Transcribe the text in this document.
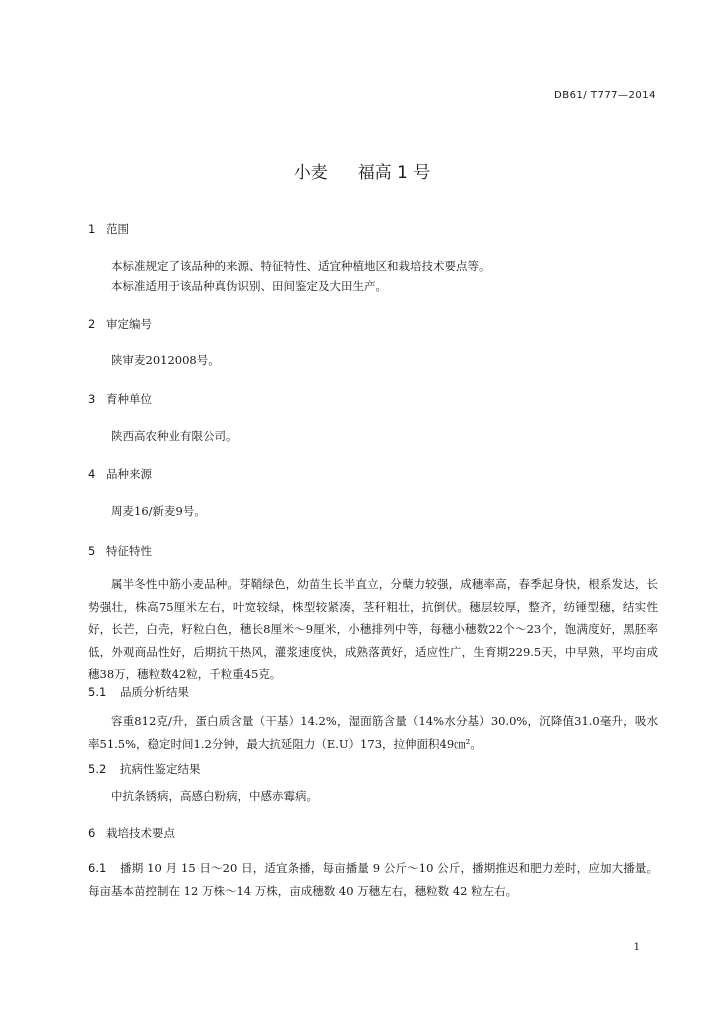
DB61/ T777—2014
小麦 福高 1 号
1 范围
本标准规定了该品种的来源、特征特性、适宜种植地区和栽培技术要点等。
本标准适用于该品种真伪识别、田间鉴定及大田生产。
2 审定编号
陕审麦2012008号。
3 育种单位
陕西高农种业有限公司。
4 品种来源
周麦16/新麦9号。
5 特征特性
属半冬性中筋小麦品种。芽鞘绿色，幼苗生长半直立，分蘖力较强，成穗率高，春季起身快，根系发达，长势强壮，株高75厘米左右，叶宽较绿，株型较紧凑，茎秆粗壮，抗倒伏。穗层较厚，整齐，纺锤型穗，结实性好，长芒，白壳，籽粒白色，穗长8厘米～9厘米，小穗排列中等，每穗小穗数22个～23个，饱满度好，黑胚率低，外观商品性好，后期抗干热风，灌浆速度快，成熟落黄好，适应性广，生育期229.5天，中早熟，平均亩成穗38万，穗粒数42粒，千粒重45克。
5.1 品质分析结果
容重812克/升，蛋白质含量（干基）14.2%，湿面筋含量（14%水分基）30.0%，沉降值31.0毫升，吸水率51.5%，稳定时间1.2分钟，最大抗延阻力（E.U）173，拉伸面积49㎝²。
5.2 抗病性鉴定结果
中抗条锈病，高感白粉病，中感赤霉病。
6 栽培技术要点
6.1 播期 10 月 15 日～20 日，适宜条播，每亩播量 9 公斤～10 公斤，播期推迟和肥力差时，应加大播量。每亩基本苗控制在 12 万株～14 万株，亩成穗数 40 万穗左右，穗粒数 42 粒左右。
1
